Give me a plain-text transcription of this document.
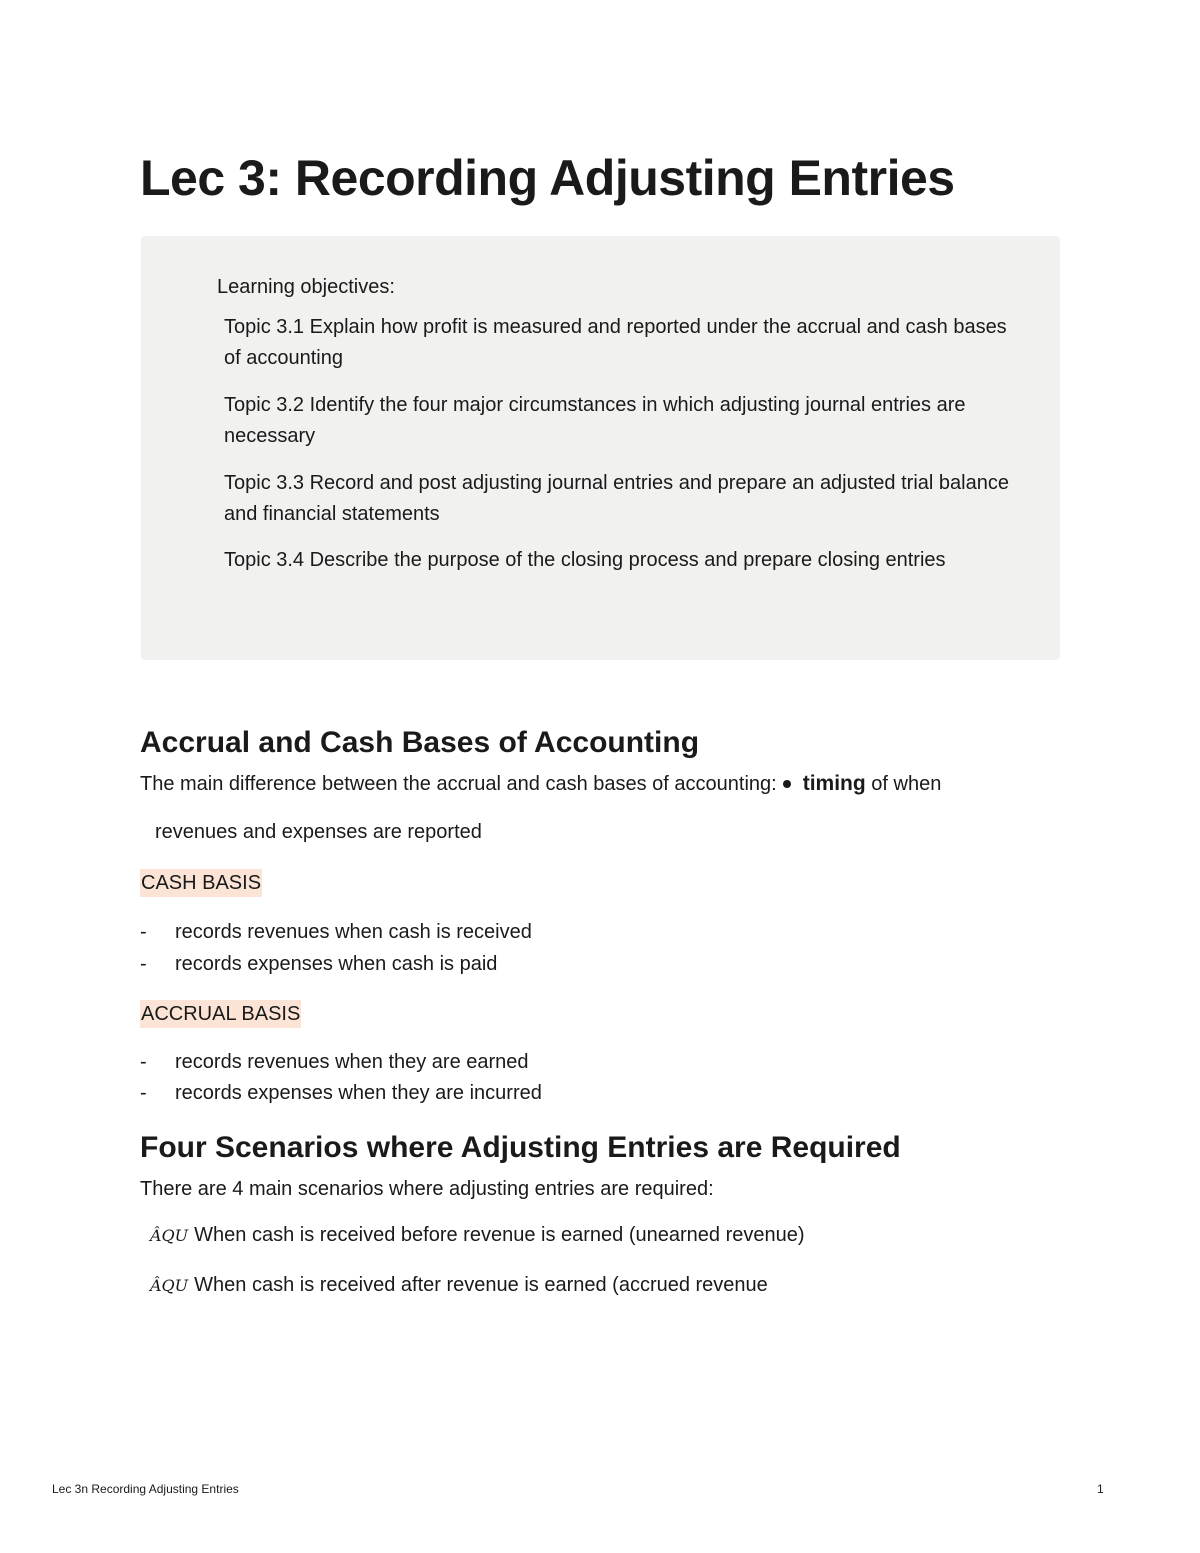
Lec 3: Recording Adjusting Entries
Learning objectives:
Topic 3.1 Explain how profit is measured and reported under the accrual and cash bases of accounting
Topic 3.2 Identify the four major circumstances in which adjusting journal entries are necessary
Topic 3.3 Record and post adjusting journal entries and prepare an adjusted trial balance and financial statements
Topic 3.4 Describe the purpose of the closing process and prepare closing entries
Accrual and Cash Bases of Accounting
The main difference between the accrual and cash bases of accounting: timing of when
revenues and expenses are reported
CASH BASIS
- records revenues when cash is received
- records expenses when cash is paid
ACCRUAL BASIS
- records revenues when they are earned
- records expenses when they are incurred
Four Scenarios where Adjusting Entries are Required
There are 4 main scenarios where adjusting entries are required:
ÂQU When cash is received before revenue is earned (unearned revenue)
ÂQU When cash is received after revenue is earned (accrued revenue
Lec 3n Recording Adjusting Entries	1
